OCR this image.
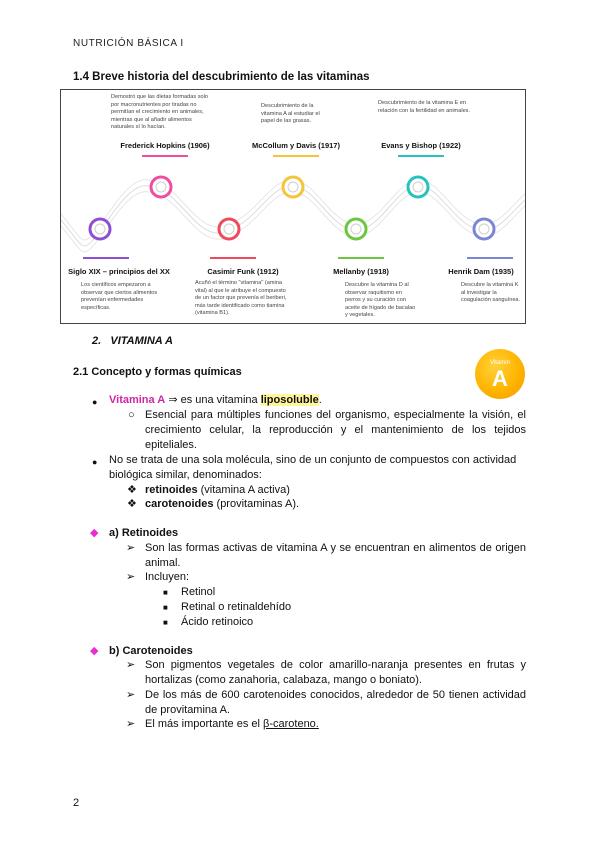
NUTRICIÓN BÁSICA I
1.4 Breve historia del descubrimiento de las vitaminas
Demostró que las dietas formadas solo por macronutrientes por tiradas no permitían el crecimiento en animales, mientras que al añadir alimentos naturales sí lo hacían.
Descubrimiento de la vitamina A al estudiar el papel de las grasas.
Descubrimiento de la vitamina E en relación con la fertilidad en animales.
Frederick Hopkins (1906)	McCollum y Davis (1917)	Evans y Bishop (1922)
Siglo XIX – principios del XX	Casimir Funk (1912)	Mellanby (1918)	Henrik Dam (1935)
Los científicos empezaron a observar que ciertos alimentos prevenían enfermedades específicas.
Acuñó el término "vitamina" (amina vital) al que le atribuye el compuesto de un factor que prevenía el beriberi, más tarde identificado como tiamina (vitamina B1).
Descubre la vitamina D al observar raquitismo en perros y su curación con aceite de hígado de bacalao y vegetales.
Descubre la vitamina K al investigar la coagulación sanguínea.
2. VITAMINA A
2.1 Concepto y formas químicas
Vitamin
A
● Vitamina A ⇒ es una vitamina liposoluble.
○ Esencial para múltiples funciones del organismo, especialmente la visión, el crecimiento celular, la reproducción y el mantenimiento de los tejidos epiteliales.
● No se trata de una sola molécula, sino de un conjunto de compuestos con actividad biológica similar, denominados:
❖ retinoides (vitamina A activa)
❖ carotenoides (provitaminas A).
◆ a) Retinoides
➢ Son las formas activas de vitamina A y se encuentran en alimentos de origen animal.
➢ Incluyen:
■ Retinol
■ Retinal o retinaldehído
■ Ácido retinoico
◆ b) Carotenoides
➢ Son pigmentos vegetales de color amarillo-naranja presentes en frutas y hortalizas (como zanahoria, calabaza, mango o boniato).
➢ De los más de 600 carotenoides conocidos, alrededor de 50 tienen actividad de provitamina A.
➢ El más importante es el β-caroteno.
2
